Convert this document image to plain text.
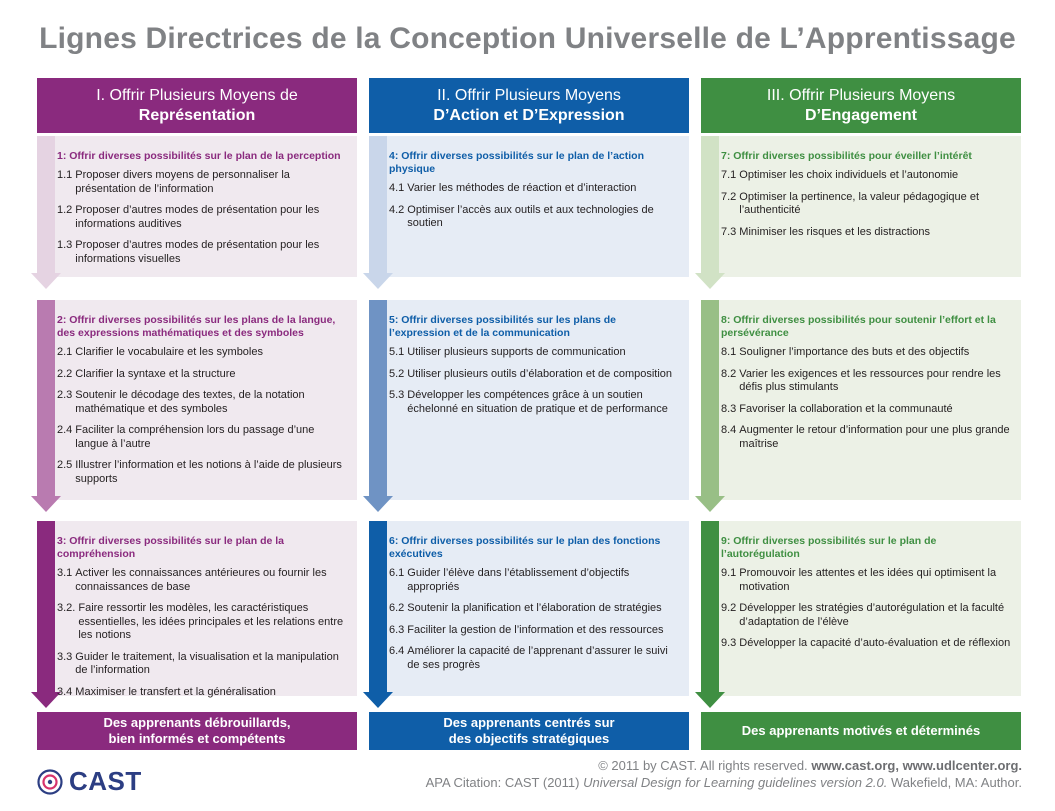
Lignes Directrices de la Conception Universelle de L’Apprentissage
I. Offrir Plusieurs Moyens de
Représentation
1: Offrir diverses possibilités sur le plan de la perception
1.1 Proposer divers moyens de personnaliser la présentation de l’information
1.2 Proposer d’autres modes de présentation pour les informations auditives
1.3 Proposer d’autres modes de présentation pour les informations visuelles
2: Offrir diverses possibilités sur les plans de la langue, des expressions mathématiques et des symboles
2.1 Clarifier le vocabulaire et les symboles
2.2 Clarifier la syntaxe et la structure
2.3 Soutenir le décodage des textes, de la notation mathématique et des symboles
2.4 Faciliter la compréhension lors du passage d’une langue à l’autre
2.5 Illustrer l’information et les notions à l’aide de plusieurs supports
3: Offrir diverses possibilités sur le plan de la compréhension
3.1 Activer les connaissances antérieures ou fournir les connaissances de base
3.2. Faire ressortir les modèles, les caractéristiques essentielles, les idées principales et les relations entre les notions
3.3 Guider le traitement, la visualisation et la manipulation de l’information
3.4 Maximiser le transfert et la généralisation
Des apprenants débrouillards,
bien informés et compétents
II. Offrir Plusieurs Moyens
D’Action et D’Expression
4: Offrir diverses possibilités sur le plan de l’action physique
4.1 Varier les méthodes de réaction et d’interaction
4.2 Optimiser l’accès aux outils et aux technologies de soutien
5: Offrir diverses possibilités sur les plans de l’expression et de la communication
5.1 Utiliser plusieurs supports de communication
5.2 Utiliser plusieurs outils d’élaboration et de composition
5.3 Développer les compétences grâce à un soutien échelonné en situation de pratique et de performance
6: Offrir diverses possibilités sur le plan des fonctions exécutives
6.1 Guider l’élève dans l’établissement d’objectifs appropriés
6.2 Soutenir la planification et l’élaboration de stratégies
6.3 Faciliter la gestion de l’information et des ressources
6.4 Améliorer la capacité de l’apprenant d’assurer le suivi de ses progrès
Des apprenants centrés sur
des objectifs stratégiques
III. Offrir Plusieurs Moyens
D’Engagement
7: Offrir diverses possibilités pour éveiller l’intérêt
7.1 Optimiser les choix individuels et l’autonomie
7.2 Optimiser la pertinence, la valeur pédagogique et l’authenticité
7.3 Minimiser les risques et les distractions
8: Offrir diverses possibilités pour soutenir l’effort et la persévérance
8.1 Souligner l’importance des buts et des objectifs
8.2 Varier les exigences et les ressources pour rendre les défis plus stimulants
8.3 Favoriser la collaboration et la communauté
8.4 Augmenter le retour d’information pour une plus grande maîtrise
9: Offrir diverses possibilités sur le plan de l’autorégulation
9.1 Promouvoir les attentes et les idées qui optimisent la motivation
9.2 Développer les stratégies d’autorégulation et la faculté d’adaptation de l’élève
9.3 Développer la capacité d’auto-évaluation et de réflexion
Des apprenants motivés et déterminés
CAST
© 2011 by CAST. All rights reserved. www.cast.org, www.udlcenter.org.
APA Citation: CAST (2011) Universal Design for Learning guidelines version 2.0. Wakefield, MA: Author.
